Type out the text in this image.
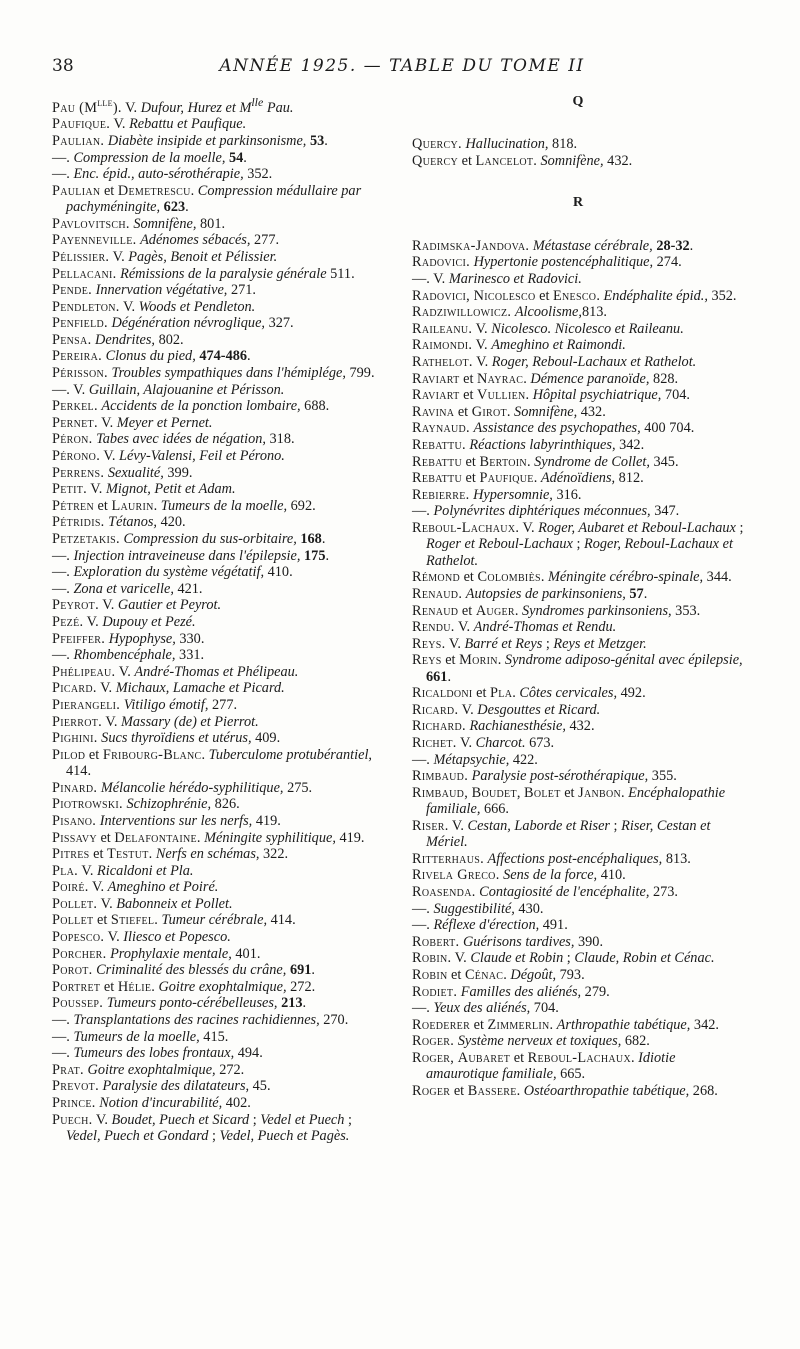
38	ANNÉE 1925. — TABLE DU TOME II
Pau $(M^{lle})$. V. Dufour, Hurez et $M^{lle}$ Pau.
Paufique. V. Rebattu et Paufique.
Paulian. Diabète insipide et parkinsonisme, 53.
—. Compression de la moelle, 54.
—. Enc. épid., auto-sérothérapie, 352.
Paulian et Demetrescu. Compression médullaire par pachyméningite, 623.
Pavlovitsch. Somnifène, 801.
Payenneville. Adénomes sébacés, 277.
Pélissier. V. Pagès, Benoit et Pélissier.
Pellacani. Rémissions de la paralysie générale 511.
Pende. Innervation végétative, 271.
Pendleton. V. Woods et Pendleton.
Penfield. Dégénération névroglique, 327.
Pensa. Dendrites, 802.
Pereira. Clonus du pied, 474-486.
Périsson. Troubles sympathiques dans l'hémiplége, 799.
—. V. Guillain, Alajouanine et Périsson.
Perkel. Accidents de la ponction lombaire, 688.
Pernet. V. Meyer et Pernet.
Péron. Tabes avec idées de négation, 318.
Pérono. V. Lévy-Valensi, Feil et Pérono.
Perrens. Sexualité, 399.
Petit. V. Mignot, Petit et Adam.
Pétren et Laurin. Tumeurs de la moelle, 692.
Pétridis. Tétanos, 420.
Petzetakis. Compression du sus-orbitaire, 168.
—. Injection intraveineuse dans l'épilepsie, 175.
—. Exploration du système végétatif, 410.
—. Zona et varicelle, 421.
Peyrot. V. Gautier et Peyrot.
Pezé. V. Dupouy et Pezé.
Pfeiffer. Hypophyse, 330.
—. Rhombencéphale, 331.
Phélipeau. V. André-Thomas et Phélipeau.
Picard. V. Michaux, Lamache et Picard.
Pierangeli. Vitiligo émotif, 277.
Pierrot. V. Massary (de) et Pierrot.
Pighini. Sucs thyroïdiens et utérus, 409.
Pilod et Fribourg-Blanc. Tuberculome protubérantiel, 414.
Pinard. Mélancolie hérédo-syphilitique, 275.
Piotrowski. Schizophrénie, 826.
Pisano. Interventions sur les nerfs, 419.
Pissavy et Delafontaine. Méningite syphilitique, 419.
Pitres et Testut. Nerfs en schémas, 322.
Pla. V. Ricaldoni et Pla.
Poiré. V. Ameghino et Poiré.
Pollet. V. Babonneix et Pollet.
Pollet et Stiefel. Tumeur cérébrale, 414.
Popesco. V. Iliesco et Popesco.
Porcher. Prophylaxie mentale, 401.
Porot. Criminalité des blessés du crâne, 691.
Portret et Hélie. Goitre exophtalmique, 272.
Poussep. Tumeurs ponto-cérébelleuses, 213.
—. Transplantations des racines rachidiennes, 270.
—. Tumeurs de la moelle, 415.
—. Tumeurs des lobes frontaux, 494.
Prat. Goitre exophtalmique, 272.
Prevot. Paralysie des dilatateurs, 45.
Prince. Notion d'incurabilité, 402.
Puech. V. Boudet, Puech et Sicard ; Vedel et Puech ; Vedel, Puech et Gondard ; Vedel, Puech et Pagès.
Q
Quercy. Hallucination, 818.
Quercy et Lancelot. Somnifène, 432.
R
Radimska-Jandova. Métastase cérébrale, 28-32.
Radovici. Hypertonie postencéphalitique, 274.
—. V. Marinesco et Radovici.
Radovici, Nicolesco et Enesco. Endéphalite épid., 352.
Radziwillowicz. Alcoolisme,813.
Raileanu. V. Nicolesco. Nicolesco et Raileanu.
Raimondi. V. Ameghino et Raimondi.
Rathelot. V. Roger, Reboul-Lachaux et Rathelot.
Raviart et Nayrac. Démence paranoïde, 828.
Raviart et Vullien. Hôpital psychiatrique, 704.
Ravina et Girot. Somnifène, 432.
Raynaud. Assistance des psychopathes, 400 704.
Rebattu. Réactions labyrinthiques, 342.
Rebattu et Bertoin. Syndrome de Collet, 345.
Rebattu et Paufique. Adénoïdiens, 812.
Rebierre. Hypersomnie, 316.
—. Polynévrites diphtériques méconnues, 347.
Reboul-Lachaux. V. Roger, Aubaret et Reboul-Lachaux ; Roger et Reboul-Lachaux ; Roger, Reboul-Lachaux et Rathelot.
Rémond et Colombiès. Méningite cérébro-spinale, 344.
Renaud. Autopsies de parkinsoniens, 57.
Renaud et Auger. Syndromes parkinsoniens, 353.
Rendu. V. André-Thomas et Rendu.
Reys. V. Barré et Reys ; Reys et Metzger.
Reys et Morin. Syndrome adiposo-génital avec épilepsie, 661.
Ricaldoni et Pla. Côtes cervicales, 492.
Ricard. V. Desgouttes et Ricard.
Richard. Rachianesthésie, 432.
Richet. V. Charcot. 673.
—. Métapsychie, 422.
Rimbaud. Paralysie post-sérothérapique, 355.
Rimbaud, Boudet, Bolet et Janbon. Encéphalopathie familiale, 666.
Riser. V. Cestan, Laborde et Riser ; Riser, Cestan et Mériel.
Ritterhaus. Affections post-encéphaliques, 813.
Rivela Greco. Sens de la force, 410.
Roasenda. Contagiosité de l'encéphalite, 273.
—. Suggestibilité, 430.
—. Réflexe d'érection, 491.
Robert. Guérisons tardives, 390.
Robin. V. Claude et Robin ; Claude, Robin et Cénac.
Robin et Cénac. Dégoût, 793.
Rodiet. Familles des aliénés, 279.
—. Yeux des aliénés, 704.
Roederer et Zimmerlin. Arthropathie tabétique, 342.
Roger. Système nerveux et toxiques, 682.
Roger, Aubaret et Reboul-Lachaux. Idiotie amaurotique familiale, 665.
Roger et Bassere. Ostéoarthropathie tabétique, 268.
